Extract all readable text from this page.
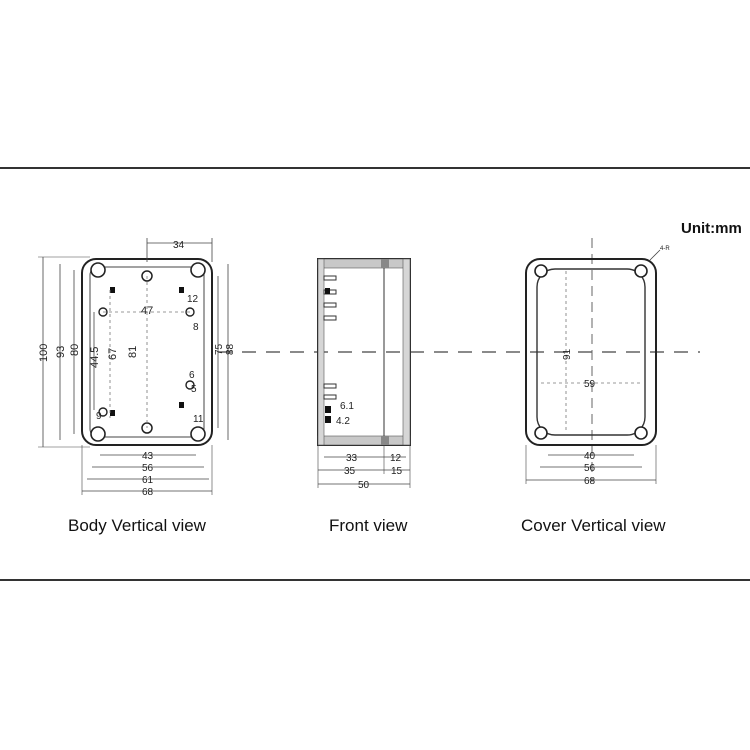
34
100 93 80 44.5 67 81
47
75 88
12
8
6
5
11
9
43
56
61
68
6.1
4.2
33	12
35	15
50
91
59
4-R
40
56
68
Unit:mm
Body Vertical view	Front view	Cover Vertical view
